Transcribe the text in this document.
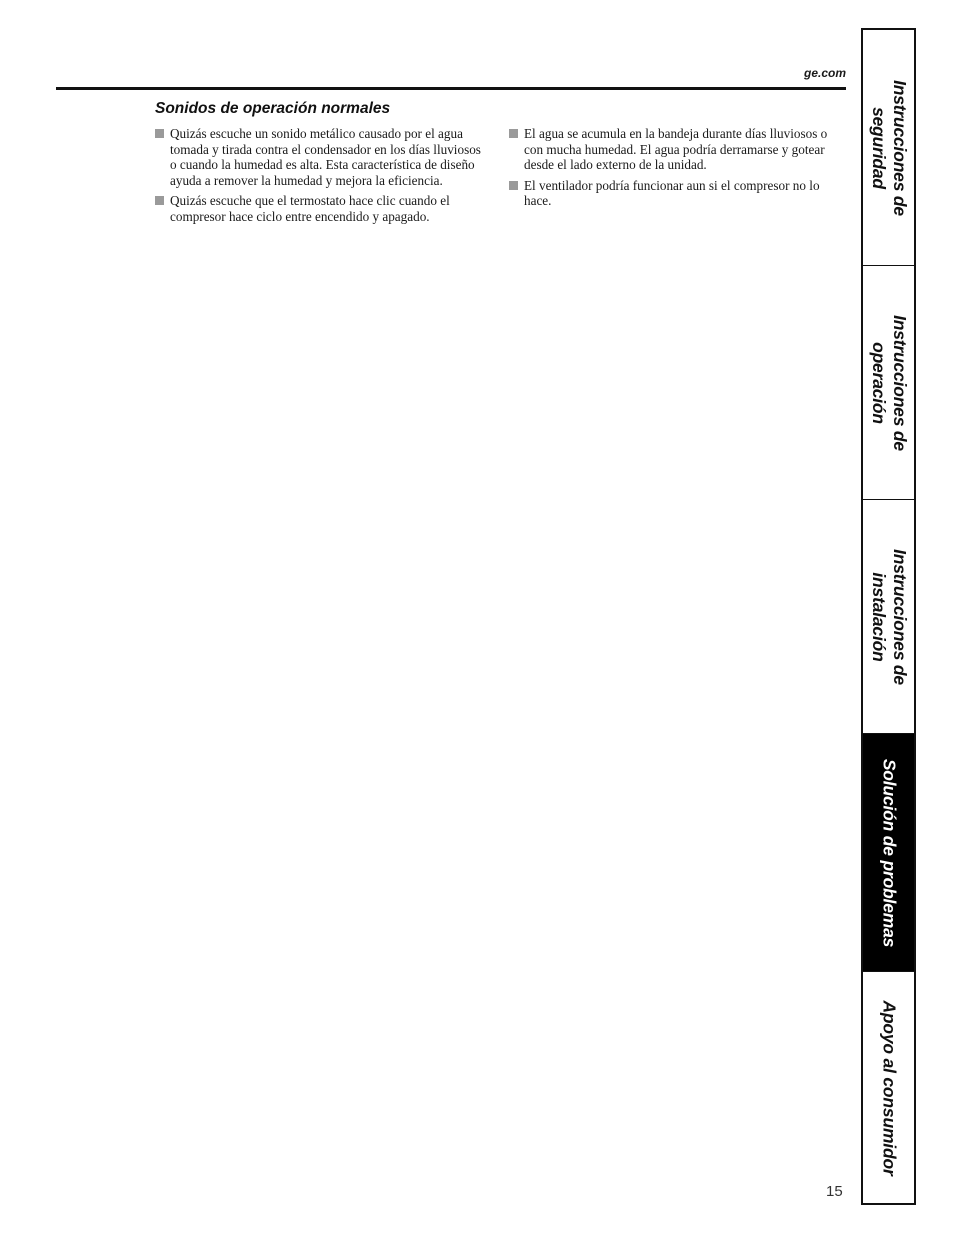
ge.com
Sonidos de operación normales
Quizás escuche un sonido metálico causado por el agua tomada y tirada contra el condensador en los días lluviosos o cuando la humedad es alta. Esta característica de diseño ayuda a remover la humedad y mejora la eficiencia.
Quizás escuche que el termostato hace clic cuando el compresor hace ciclo entre encendido y apagado.
El agua se acumula en la bandeja durante días lluviosos o con mucha humedad. El agua podría derramarse y gotear desde el lado externo de la unidad.
El ventilador podría funcionar aun si el compresor no lo hace.	Instrucciones de
seguridad
Instrucciones de
operación
Instrucciones de
instalación
Solución de problemas
Apoyo al consumidor
15
